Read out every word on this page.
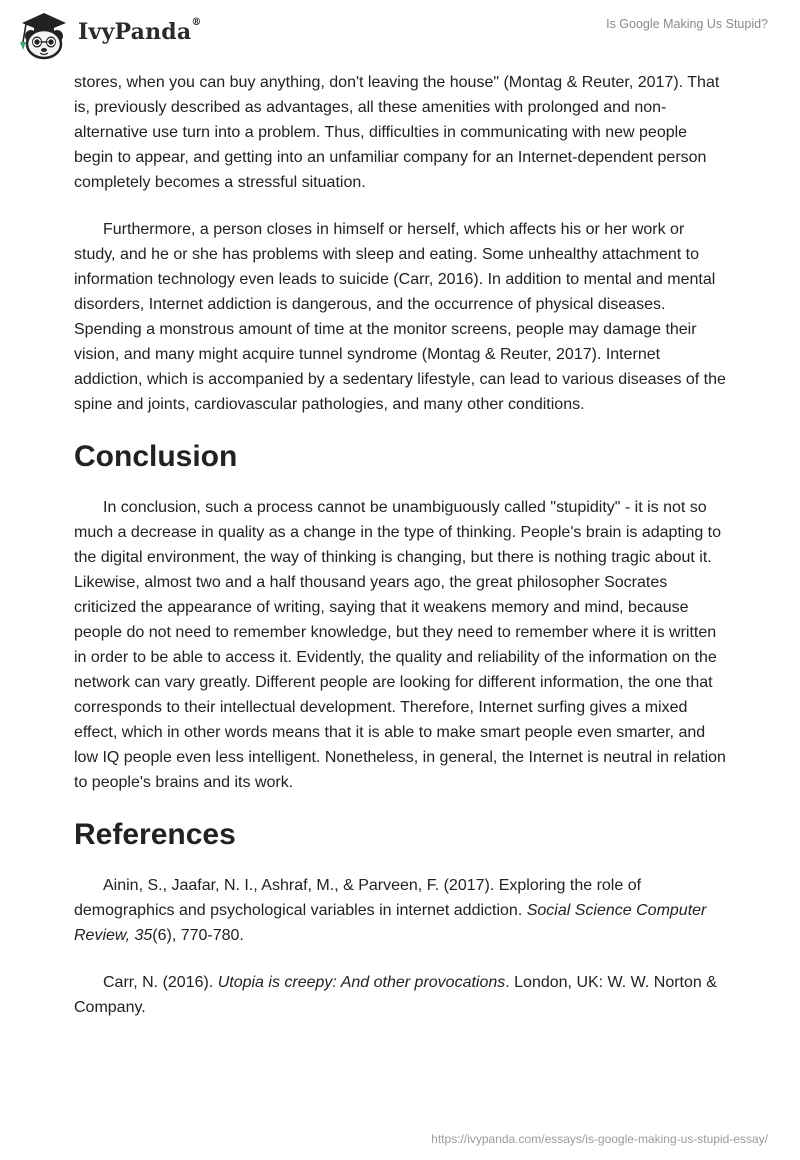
IvyPanda®	Is Google Making Us Stupid?

stores, when you can buy anything, don't leaving the house" (Montag & Reuter, 2017). That is, previously described as advantages, all these amenities with prolonged and non-alternative use turn into a problem. Thus, difficulties in communicating with new people begin to appear, and getting into an unfamiliar company for an Internet-dependent person completely becomes a stressful situation.

Furthermore, a person closes in himself or herself, which affects his or her work or study, and he or she has problems with sleep and eating. Some unhealthy attachment to information technology even leads to suicide (Carr, 2016). In addition to mental and mental disorders, Internet addiction is dangerous, and the occurrence of physical diseases. Spending a monstrous amount of time at the monitor screens, people may damage their vision, and many might acquire tunnel syndrome (Montag & Reuter, 2017). Internet addiction, which is accompanied by a sedentary lifestyle, can lead to various diseases of the spine and joints, cardiovascular pathologies, and many other conditions.

Conclusion

In conclusion, such a process cannot be unambiguously called "stupidity" - it is not so much a decrease in quality as a change in the type of thinking. People's brain is adapting to the digital environment, the way of thinking is changing, but there is nothing tragic about it. Likewise, almost two and a half thousand years ago, the great philosopher Socrates criticized the appearance of writing, saying that it weakens memory and mind, because people do not need to remember knowledge, but they need to remember where it is written in order to be able to access it. Evidently, the quality and reliability of the information on the network can vary greatly. Different people are looking for different information, the one that corresponds to their intellectual development. Therefore, Internet surfing gives a mixed effect, which in other words means that it is able to make smart people even smarter, and low IQ people even less intelligent. Nonetheless, in general, the Internet is neutral in relation to people's brains and its work.

References

Ainin, S., Jaafar, N. I., Ashraf, M., & Parveen, F. (2017). Exploring the role of demographics and psychological variables in internet addiction. Social Science Computer Review, 35(6), 770-780.

Carr, N. (2016). Utopia is creepy: And other provocations. London, UK: W. W. Norton & Company.

https://ivypanda.com/essays/is-google-making-us-stupid-essay/
